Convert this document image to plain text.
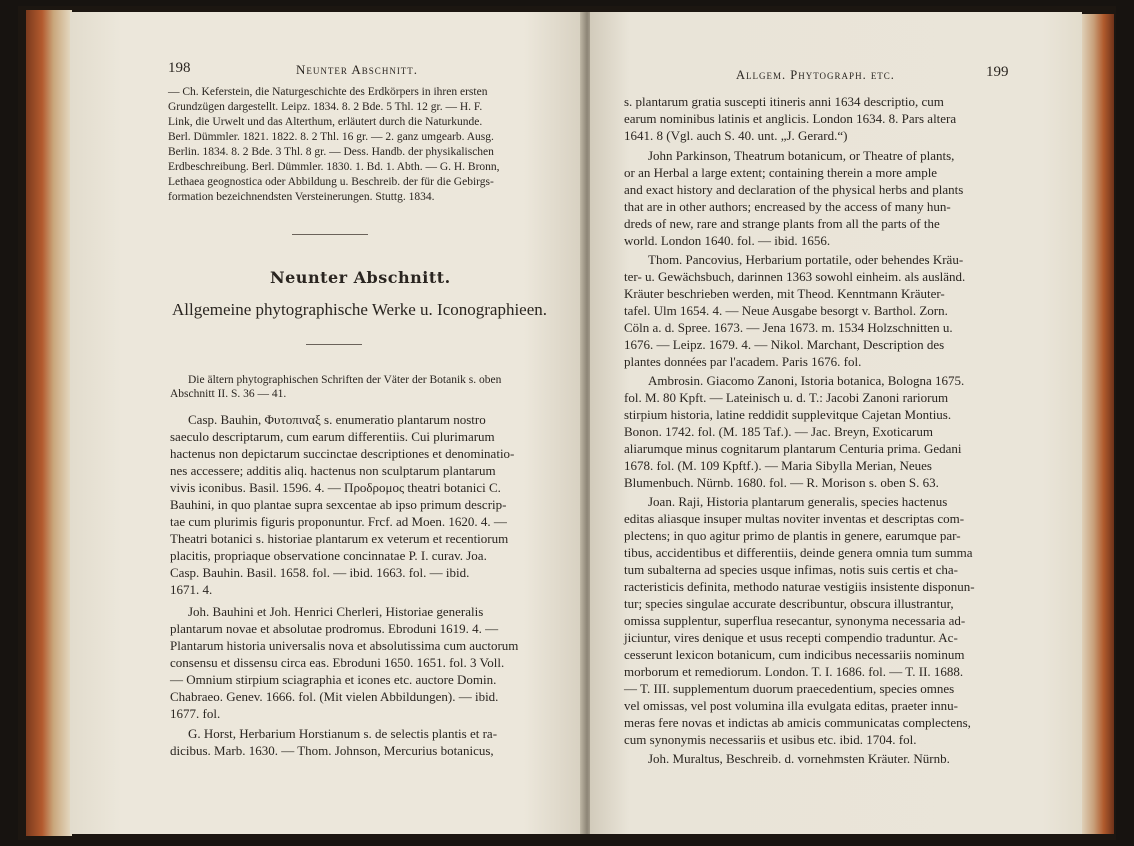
198	Neunter Abschnitt.
— Ch. Keferstein, die Naturgeschichte des Erdkörpers in ihren ersten
Grundzügen dargestellt. Leipz. 1834. 8. 2 Bde. 5 Thl. 12 gr. — H. F.
Link, die Urwelt und das Alterthum, erläutert durch die Naturkunde.
Berl. Dümmler. 1821. 1822. 8. 2 Thl. 16 gr. — 2. ganz umgearb. Ausg.
Berlin. 1834. 8. 2 Bde. 3 Thl. 8 gr. — Dess. Handb. der physikalischen
Erdbeschreibung. Berl. Dümmler. 1830. 1. Bd. 1. Abth. — G. H. Bronn,
Lethaea geognostica oder Abbildung u. Beschreib. der für die Gebirgs-
formation bezeichnendsten Versteinerungen. Stuttg. 1834.
Neunter Abschnitt.
Allgemeine phytographische Werke u. Iconographieen.
Die ältern phytographischen Schriften der Väter der Botanik s. oben
Abschnitt II. S. 36 — 41.
Casp. Bauhin, Φυτοπιναξ s. enumeratio plantarum nostro
saeculo descriptarum, cum earum differentiis. Cui plurimarum
hactenus non depictarum succinctae descriptiones et denominatio-
nes accessere; additis aliq. hactenus non sculptarum plantarum
vivis iconibus. Basil. 1596. 4. — Προδρομος theatri botanici C.
Bauhini, in quo plantae supra sexcentae ab ipso primum descrip-
tae cum plurimis figuris proponuntur. Frcf. ad Moen. 1620. 4. —
Theatri botanici s. historiae plantarum ex veterum et recentiorum
placitis, propriaque observatione concinnatae P. I. curav. Joa.
Casp. Bauhin. Basil. 1658. fol. — ibid. 1663. fol. — ibid.
1671. 4.
Joh. Bauhini et Joh. Henrici Cherleri, Historiae generalis
plantarum novae et absolutae prodromus. Ebroduni 1619. 4. —
Plantarum historia universalis nova et absolutissima cum auctorum
consensu et dissensu circa eas. Ebroduni 1650. 1651. fol. 3 Voll.
— Omnium stirpium sciagraphia et icones etc. auctore Domin.
Chabraeo. Genev. 1666. fol. (Mit vielen Abbildungen). — ibid.
1677. fol.
G. Horst, Herbarium Horstianum s. de selectis plantis et ra-
dicibus. Marb. 1630. — Thom. Johnson, Mercurius botanicus,
Allgem. Phytograph. etc.	199
s. plantarum gratia suscepti itineris anni 1634 descriptio, cum
earum nominibus latinis et anglicis. London 1634. 8. Pars altera
1641. 8 (Vgl. auch S. 40. unt. „J. Gerard.“)
John Parkinson, Theatrum botanicum, or Theatre of plants,
or an Herbal a large extent; containing therein a more ample
and exact history and declaration of the physical herbs and plants
that are in other authors; encreased by the access of many hun-
dreds of new, rare and strange plants from all the parts of the
world. London 1640. fol. — ibid. 1656.
Thom. Pancovius, Herbarium portatile, oder behendes Kräu-
ter- u. Gewächsbuch, darinnen 1363 sowohl einheim. als ausländ.
Kräuter beschrieben werden, mit Theod. Kenntmann Kräuter-
tafel. Ulm 1654. 4. — Neue Ausgabe besorgt v. Barthol. Zorn.
Cöln a. d. Spree. 1673. — Jena 1673. m. 1534 Holzschnitten u.
1676. — Leipz. 1679. 4. — Nikol. Marchant, Description des
plantes données par l'academ. Paris 1676. fol.
Ambrosin. Giacomo Zanoni, Istoria botanica, Bologna 1675.
fol. M. 80 Kpft. — Lateinisch u. d. T.: Jacobi Zanoni rariorum
stirpium historia, latine reddidit supplevitque Cajetan Montius.
Bonon. 1742. fol. (M. 185 Taf.). — Jac. Breyn, Exoticarum
aliarumque minus cognitarum plantarum Centuria prima. Gedani
1678. fol. (M. 109 Kpftf.). — Maria Sibylla Merian, Neues
Blumenbuch. Nürnb. 1680. fol. — R. Morison s. oben S. 63.
Joan. Raji, Historia plantarum generalis, species hactenus
editas aliasque insuper multas noviter inventas et descriptas com-
plectens; in quo agitur primo de plantis in genere, earumque par-
tibus, accidentibus et differentiis, deinde genera omnia tum summa
tum subalterna ad species usque infimas, notis suis certis et cha-
racteristicis definita, methodo naturae vestigiis insistente disponun-
tur; species singulae accurate describuntur, obscura illustrantur,
omissa supplentur, superflua resecantur, synonyma necessaria ad-
jiciuntur, vires denique et usus recepti compendio traduntur. Ac-
cesserunt lexicon botanicum, cum indicibus necessariis nominum
morborum et remediorum. London. T. I. 1686. fol. — T. II. 1688.
— T. III. supplementum duorum praecedentium, species omnes
vel omissas, vel post volumina illa evulgata editas, praeter innu-
meras fere novas et indictas ab amicis communicatas complectens,
cum synonymis necessariis et usibus etc. ibid. 1704. fol.
Joh. Muraltus, Beschreib. d. vornehmsten Kräuter. Nürnb.
